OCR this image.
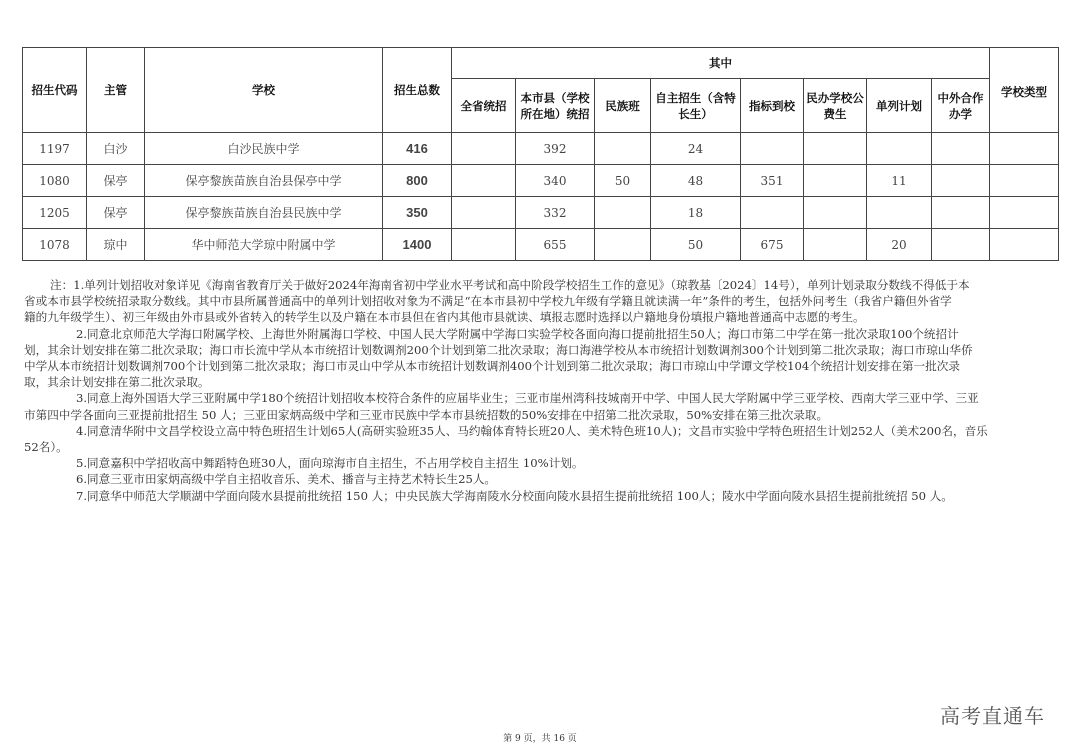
招生代码	主管	学校	招生总数	其中								学校类型
				全省统招	本市县（学校所在地）统招	民族班	自主招生（含特长生）	指标到校	民办学校公费生	单列计划	中外合作办学	
1197	白沙	白沙民族中学	416		392		24					
1080	保亭	保亭黎族苗族自治县保亭中学	800		340	50	48	351		11		
1205	保亭	保亭黎族苗族自治县民族中学	350		332		18					
1078	琼中	华中师范大学琼中附属中学	1400		655		50	675		20		
注：1.单列计划招收对象详见《海南省教育厅关于做好2024年海南省初中学业水平考试和高中阶段学校招生工作的意见》（琼教基〔2024〕14号），单列计划录取分数线不得低于本
省或本市县学校统招录取分数线。其中市县所属普通高中的单列计划招收对象为不满足“在本市县初中学校九年级有学籍且就读满一年”条件的考生，包括外问考生（我省户籍但外省学
籍的九年级学生）、初三年级由外市县或外省转入的转学生以及户籍在本市县但在省内其他市县就读、填报志愿时选择以户籍地身份填报户籍地普通高中志愿的考生。
2.同意北京师范大学海口附属学校、上海世外附属海口学校、中国人民大学附属中学海口实验学校各面向海口提前批招生50人；海口市第二中学在第一批次录取100个统招计
划，其余计划安排在第二批次录取；海口市长流中学从本市统招计划数调剂200个计划到第二批次录取；海口海港学校从本市统招计划数调剂300个计划到第二批次录取；海口市琼山华侨
中学从本市统招计划数调剂700个计划到第二批次录取；海口市灵山中学从本市统招计划数调剂400个计划到第二批次录取；海口市琼山中学谭文学校104个统招计划安排在第一批次录
取，其余计划安排在第二批次录取。
3.同意上海外国语大学三亚附属中学180个统招计划招收本校符合条件的应届毕业生；三亚市崖州湾科技城南开中学、中国人民大学附属中学三亚学校、西南大学三亚中学、三亚
市第四中学各面向三亚提前批招生 50 人；三亚田家炳高级中学和三亚市民族中学本市县统招数的50%安排在中招第二批次录取，50%安排在第三批次录取。
4.同意清华附中文昌学校设立高中特色班招生计划65人(高研实验班35人、马约翰体育特长班20人、美术特色班10人)；文昌市实验中学特色班招生计划252人（美术200名，音乐
52名）。
5.同意嘉积中学招收高中舞蹈特色班30人，面向琼海市自主招生，不占用学校自主招生 10%计划。
6.同意三亚市田家炳高级中学自主招收音乐、美术、播音与主持艺术特长生25人。
7.同意华中师范大学顺湖中学面向陵水县提前批统招 150 人；中央民族大学海南陵水分校面向陵水县招生提前批统招 100人；陵水中学面向陵水县招生提前批统招 50 人。
高考直通车
第 9 页，共 16 页
